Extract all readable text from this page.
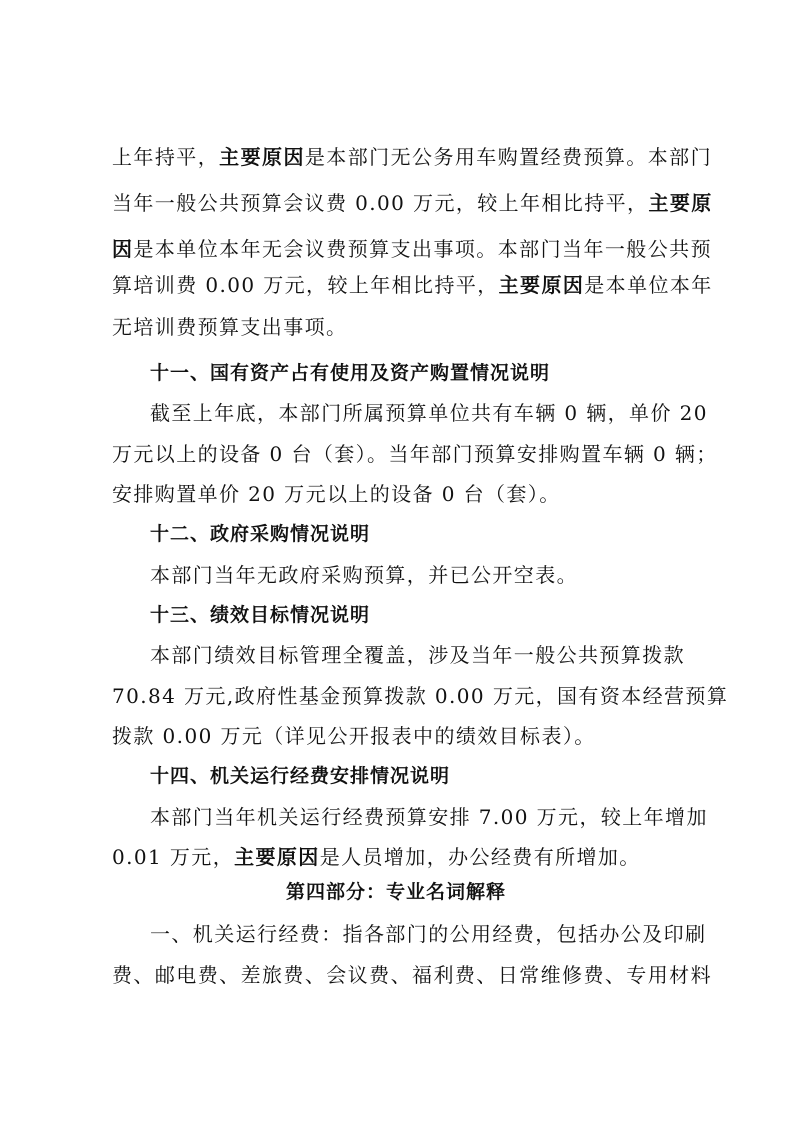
上年持平，主要原因是本部门无公务用车购置经费预算。本部门
当年一般公共预算会议费 0.00 万元，较上年相比持平，主要原
因是本单位本年无会议费预算支出事项。本部门当年一般公共预
算培训费 0.00 万元，较上年相比持平，主要原因是本单位本年
无培训费预算支出事项。
十一、国有资产占有使用及资产购置情况说明
截至上年底，本部门所属预算单位共有车辆 0 辆，单价 20
万元以上的设备 0 台（套）。当年部门预算安排购置车辆 0 辆；
安排购置单价 20 万元以上的设备 0 台（套）。
十二、政府采购情况说明
本部门当年无政府采购预算，并已公开空表。
十三、绩效目标情况说明
本部门绩效目标管理全覆盖，涉及当年一般公共预算拨款
70.84 万元,政府性基金预算拨款 0.00 万元，国有资本经营预算
拨款 0.00 万元（详见公开报表中的绩效目标表）。
十四、机关运行经费安排情况说明
本部门当年机关运行经费预算安排 7.00 万元，较上年增加
0.01 万元，主要原因是人员增加，办公经费有所增加。
第四部分：专业名词解释
一、机关运行经费：指各部门的公用经费，包括办公及印刷
费、邮电费、差旅费、会议费、福利费、日常维修费、专用材料
